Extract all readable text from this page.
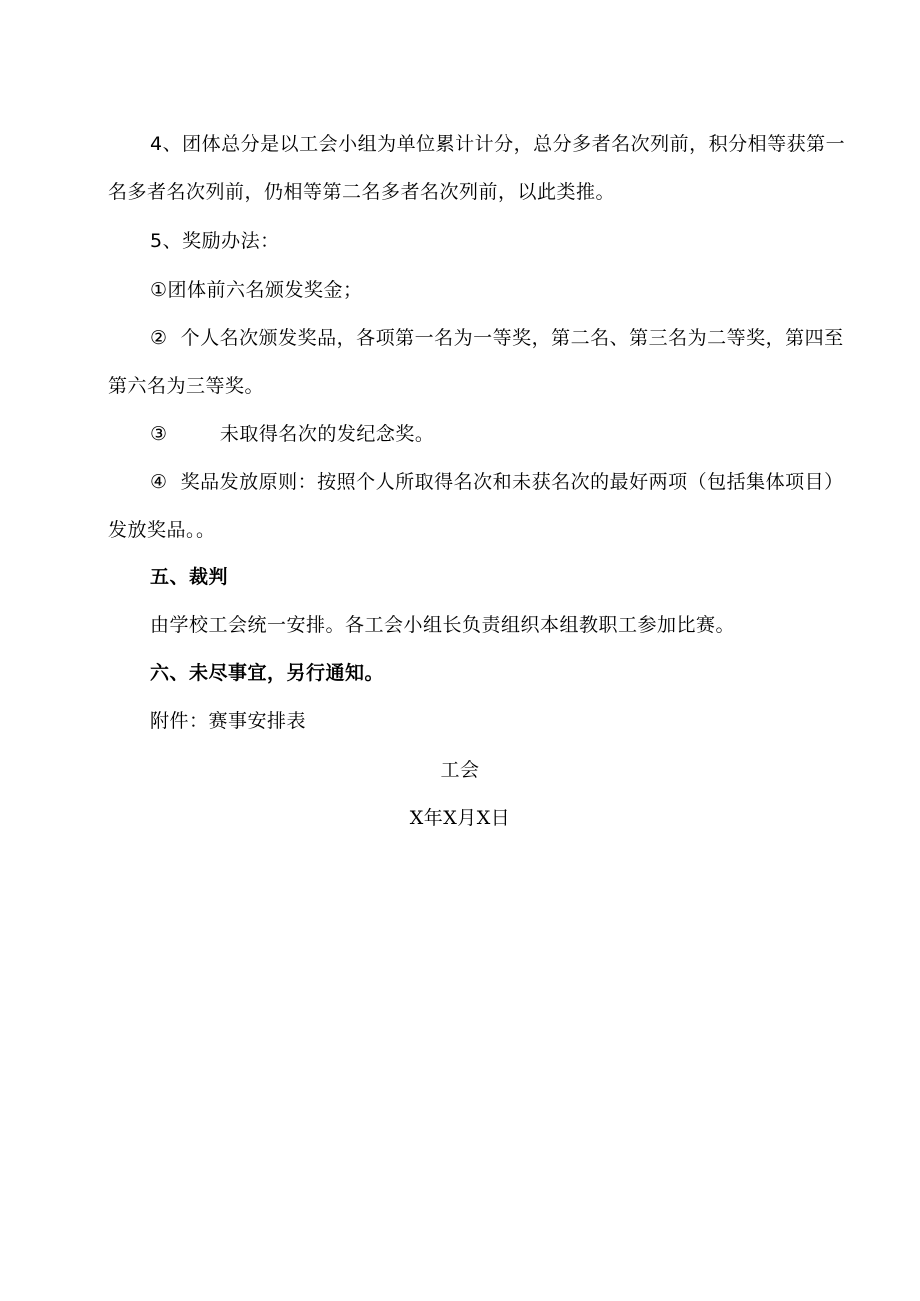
4、团体总分是以工会小组为单位累计计分，总分多者名次列前，积分相等获第一名多者名次列前，仍相等第二名多者名次列前，以此类推。

5、奖励办法：

①团体前六名颁发奖金；

②  个人名次颁发奖品，各项第一名为一等奖，第二名、第三名为二等奖，第四至第六名为三等奖。

③        未取得名次的发纪念奖。

④  奖品发放原则：按照个人所取得名次和未获名次的最好两项（包括集体项目）发放奖品。。

五、裁判

由学校工会统一安排。各工会小组长负责组织本组教职工参加比赛。

六、未尽事宜，另行通知。

附件：赛事安排表

工会

X年X月X日
